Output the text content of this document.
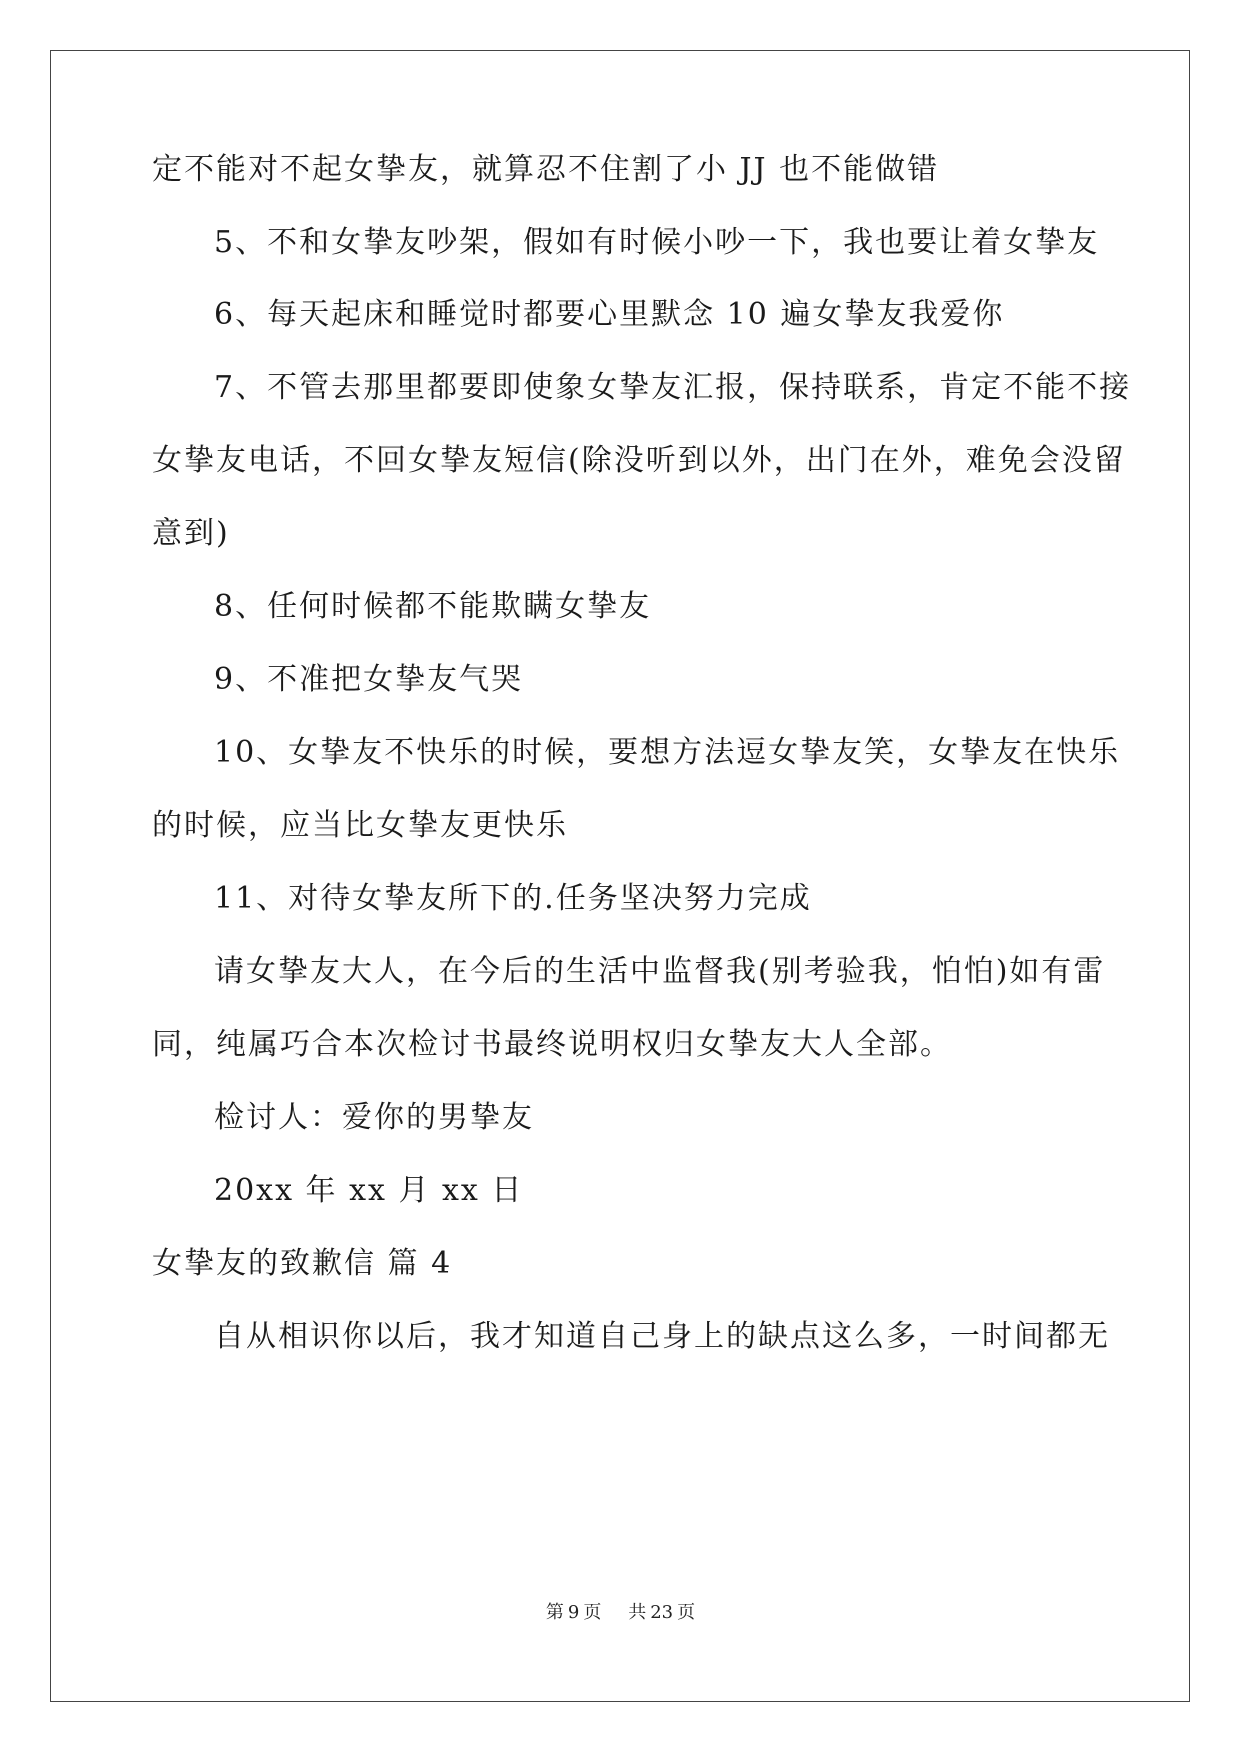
定不能对不起女挚友，就算忍不住割了小 JJ 也不能做错
5、不和女挚友吵架，假如有时候小吵一下，我也要让着女挚友
6、每天起床和睡觉时都要心里默念 10 遍女挚友我爱你
7、不管去那里都要即使象女挚友汇报，保持联系，肯定不能不接
女挚友电话，不回女挚友短信(除没听到以外，出门在外，难免会没留
意到)
8、任何时候都不能欺瞒女挚友
9、不准把女挚友气哭
10、女挚友不快乐的时候，要想方法逗女挚友笑，女挚友在快乐
的时候，应当比女挚友更快乐
11、对待女挚友所下的.任务坚决努力完成
请女挚友大人，在今后的生活中监督我(别考验我，怕怕)如有雷
同，纯属巧合本次检讨书最终说明权归女挚友大人全部。
检讨人：爱你的男挚友
20xx 年 xx 月 xx 日
女挚友的致歉信 篇 4
自从相识你以后，我才知道自己身上的缺点这么多，一时间都无
第 9 页 共 23 页
